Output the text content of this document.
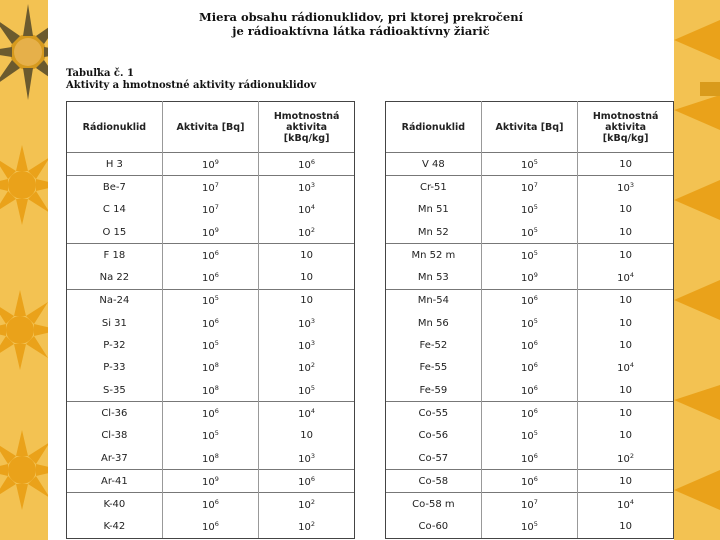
Miera obsahu rádionuklidov, pri ktorej prekročení
je rádioaktívna látka rádioaktívny žiarič
Tabuľka č. 1
Aktivity a hmotnostné aktivity rádionuklidov
Rádionuklid	Aktivita [Bq]	Hmotnostná aktivita [kBq/kg]
H 3	$10^9$	$10^6$
Be-7	$10^7$	$10^3$
C 14	$10^7$	$10^4$
O 15	$10^9$	$10^2$
F 18	$10^6$	10
Na 22	$10^6$	10
Na-24	$10^5$	10
Si 31	$10^6$	$10^3$
P-32	$10^5$	$10^3$
P-33	$10^8$	$10^2$
S-35	$10^8$	$10^5$
Cl-36	$10^6$	$10^4$
Cl-38	$10^5$	10
Ar-37	$10^8$	$10^3$
Ar-41	$10^9$	$10^6$
K-40	$10^6$	$10^2$
K-42	$10^6$	$10^2$
Rádionuklid	Aktivita [Bq]	Hmotnostná aktivita [kBq/kg]
V 48	$10^5$	10
Cr-51	$10^7$	$10^3$
Mn 51	$10^5$	10
Mn 52	$10^5$	10
Mn 52 m	$10^5$	10
Mn 53	$10^9$	$10^4$
Mn-54	$10^6$	10
Mn 56	$10^5$	10
Fe-52	$10^6$	10
Fe-55	$10^6$	$10^4$
Fe-59	$10^6$	10
Co-55	$10^6$	10
Co-56	$10^5$	10
Co-57	$10^6$	$10^2$
Co-58	$10^6$	10
Co-58 m	$10^7$	$10^4$
Co-60	$10^5$	10
